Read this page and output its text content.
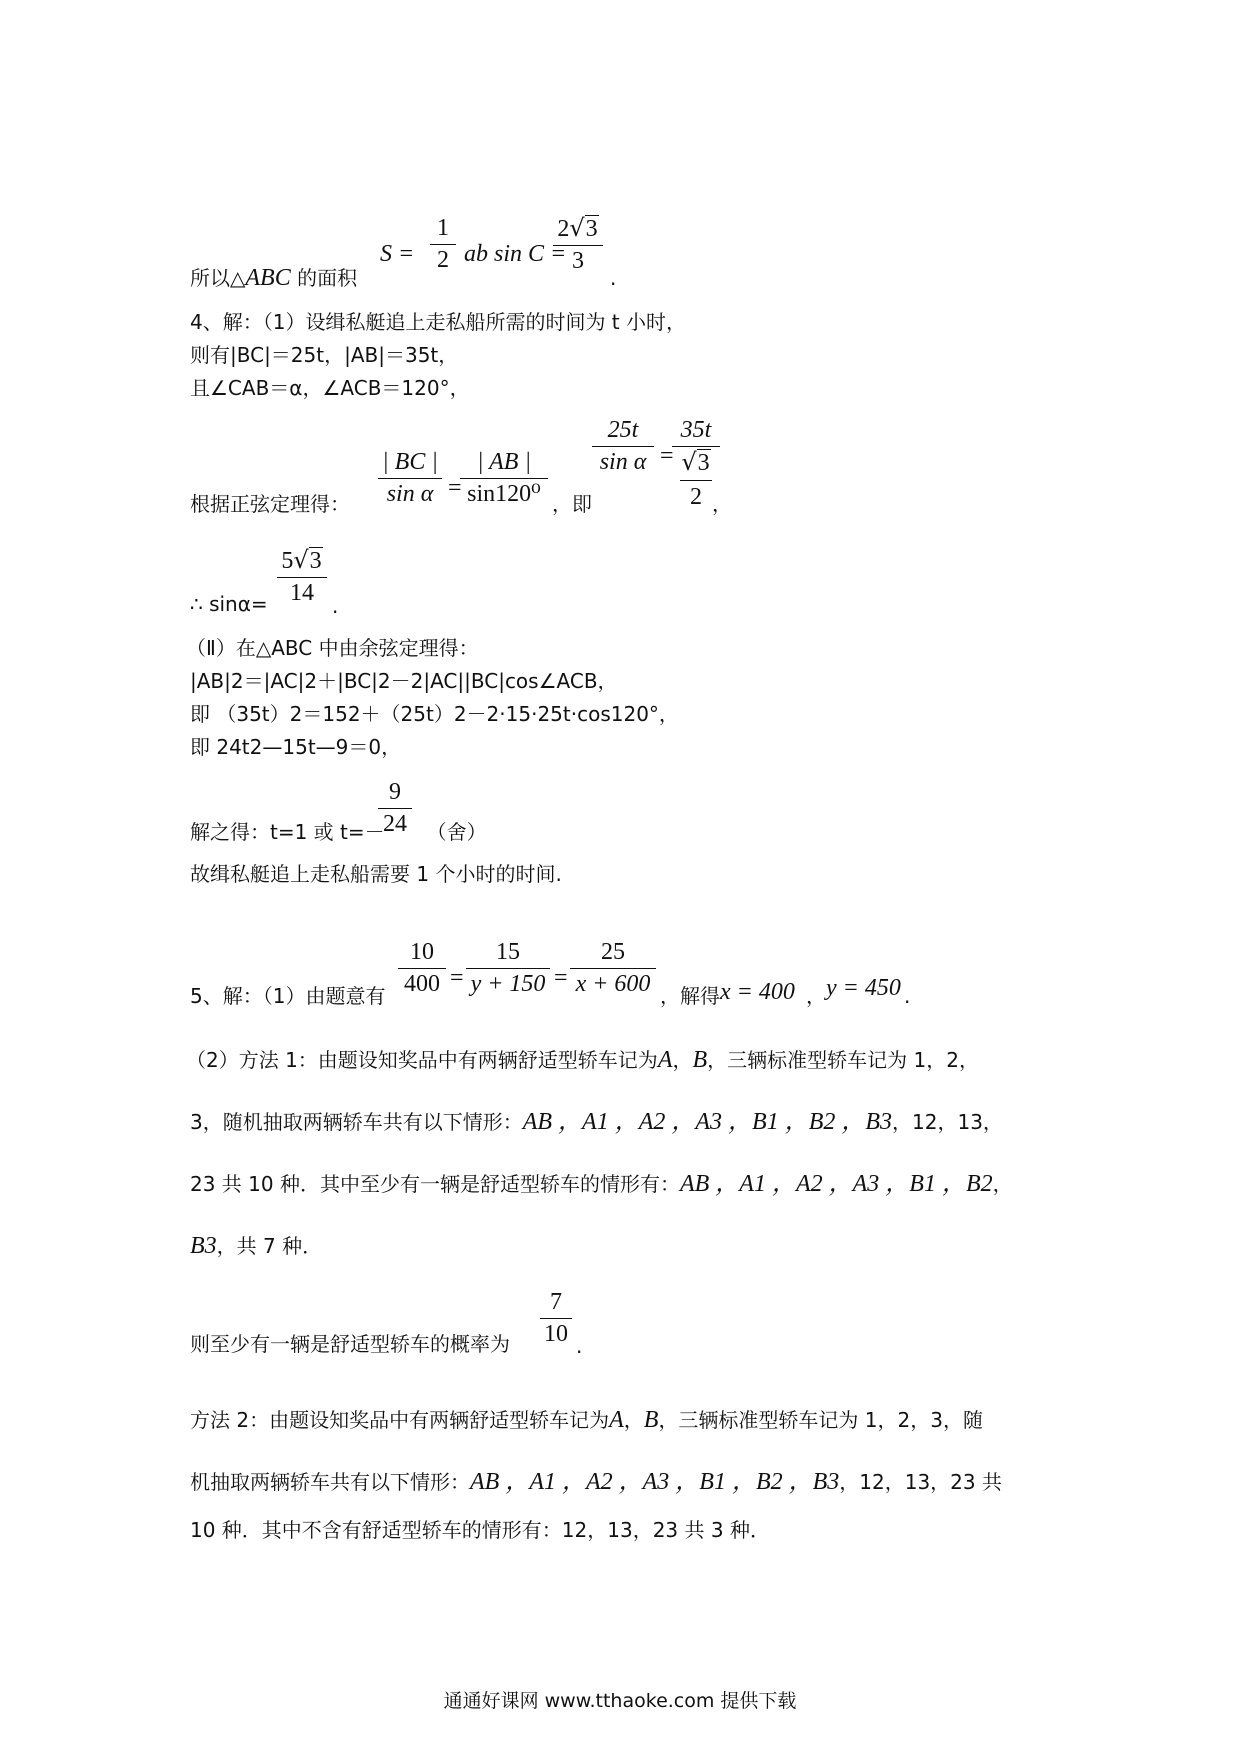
所以△ABC 的面积
S =
1
2 ab sin C =
2√3
3
.
4、解：（1）设缉私艇追上走私船所需的时间为 t 小时，
则有|BC|＝25t，|AB|＝35t，
且∠CAB＝α，∠ACB＝120°，
根据正弦定理得：
| BC |
sin α =
| AB |
sin120⁰ ，即
25t
sin α =
35t
√3
2 ，
∴ sinα=
5√3
14 .
（Ⅱ）在△ABC 中由余弦定理得：
|AB|2＝|AC|2＋|BC|2－2|AC||BC|cos∠ACB，
即 （35t）2＝152＋（25t）2－2·15·25t·cos120°，
即 24t2—15t—9＝0，
解之得：t=1 或 t=－ （舍）
9
24
故缉私艇追上走私船需要 1 个小时的时间.
5、解：（1）由题意有
10
400 =
15
y + 150 =
25
x + 600 ，解得 x = 400 ， y = 450 .
（2）方法 1：由题设知奖品中有两辆舒适型轿车记为A，B，三辆标准型轿车记为 1，2，
3，随机抽取两辆轿车共有以下情形：AB ，A1 ，A2 ，A3 ，B1 ，B2 ，B3，12，13，
23 共 10 种．其中至少有一辆是舒适型轿车的情形有：AB ，A1 ，A2 ，A3 ，B1 ，B2，
B3，共 7 种．
则至少有一辆是舒适型轿车的概率为
7
10 .
方法 2：由题设知奖品中有两辆舒适型轿车记为A，B，三辆标准型轿车记为 1，2，3，随
机抽取两辆轿车共有以下情形：AB ，A1 ，A2 ，A3 ，B1 ，B2 ，B3，12，13，23 共
10 种．其中不含有舒适型轿车的情形有：12，13，23 共 3 种．
通通好课网 www.tthaoke.com 提供下载
